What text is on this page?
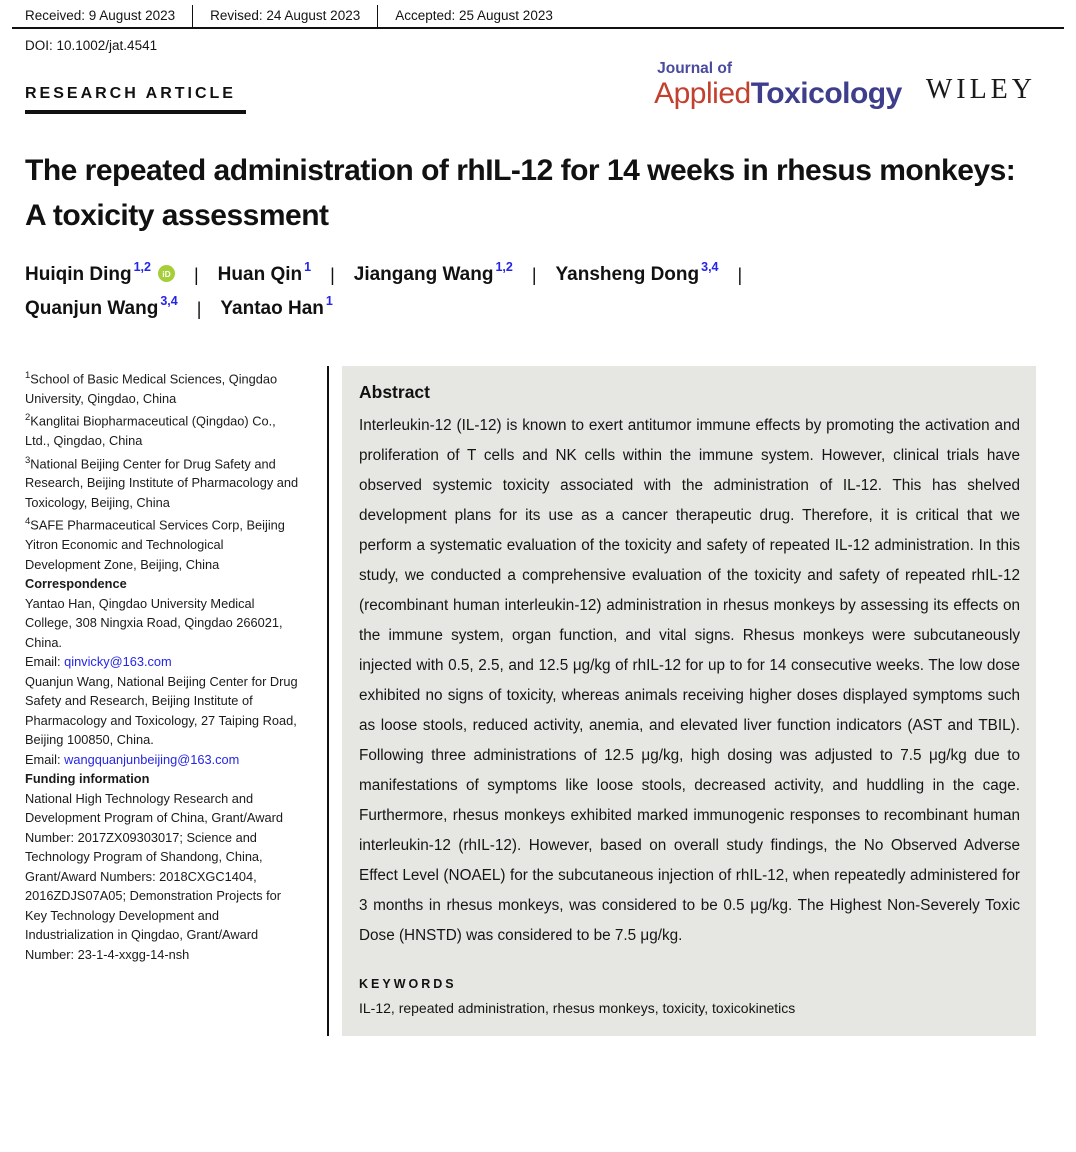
Received: 9 August 2023	Revised: 24 August 2023	Accepted: 25 August 2023
DOI: 10.1002/jat.4541
RESEARCH ARTICLE
Journal of
Applied Toxicology WILEY
The repeated administration of rhIL-12 for 14 weeks in rhesus monkeys: A toxicity assessment
Huiqin Ding 1,2	iD | Huan Qin 1 | Jiangang Wang 1,2 | Yansheng Dong 3,4 |
Quanjun Wang 3,4 | Yantao Han 1

$^1$School of Basic Medical Sciences, Qingdao University, Qingdao, China

$^2$Kanglitai Biopharmaceutical (Qingdao) Co., Ltd., Qingdao, China

$^3$National Beijing Center for Drug Safety and Research, Beijing Institute of Pharmacology and Toxicology, Beijing, China

$^4$SAFE Pharmaceutical Services Corp, Beijing Yitron Economic and Technological Development Zone, Beijing, China

Correspondence

Yantao Han, Qingdao University Medical College, 308 Ningxia Road, Qingdao 266021, China.
Email: qinvicky@163.com

Quanjun Wang, National Beijing Center for Drug Safety and Research, Beijing Institute of Pharmacology and Toxicology, 27 Taiping Road, Beijing 100850, China.
Email: wangquanjunbeijing@163.com

Funding information

National High Technology Research and Development Program of China, Grant/Award Number: 2017ZX09303017; Science and Technology Program of Shandong, China, Grant/Award Numbers: 2018CXGC1404, 2016ZDJS07A05; Demonstration Projects for Key Technology Development and Industrialization in Qingdao, Grant/Award Number: 23-1-4-xxgg-14-nsh

Abstract
Interleukin-12 (IL-12) is known to exert antitumor immune effects by promoting the activation and proliferation of T cells and NK cells within the immune system. However, clinical trials have observed systemic toxicity associated with the administration of IL-12. This has shelved development plans for its use as a cancer therapeutic drug. Therefore, it is critical that we perform a systematic evaluation of the toxicity and safety of repeated IL-12 administration. In this study, we conducted a comprehensive evaluation of the toxicity and safety of repeated rhIL-12 (recombinant human interleukin-12) administration in rhesus monkeys by assessing its effects on the immune system, organ function, and vital signs. Rhesus monkeys were subcutaneously injected with 0.5, 2.5, and 12.5 μg/kg of rhIL-12 for up to for 14 consecutive weeks. The low dose exhibited no signs of toxicity, whereas animals receiving higher doses displayed symptoms such as loose stools, reduced activity, anemia, and elevated liver function indicators (AST and TBIL). Following three administrations of 12.5 μg/kg, high dosing was adjusted to 7.5 μg/kg due to manifestations of symptoms like loose stools, decreased activity, and huddling in the cage. Furthermore, rhesus monkeys exhibited marked immunogenic responses to recombinant human interleukin-12 (rhIL-12). However, based on overall study findings, the No Observed Adverse Effect Level (NOAEL) for the subcutaneous injection of rhIL-12, when repeatedly administered for 3 months in rhesus monkeys, was considered to be 0.5 μg/kg. The Highest Non-Severely Toxic Dose (HNSTD) was considered to be 7.5 μg/kg.
KEYWORDS
IL-12, repeated administration, rhesus monkeys, toxicity, toxicokinetics
